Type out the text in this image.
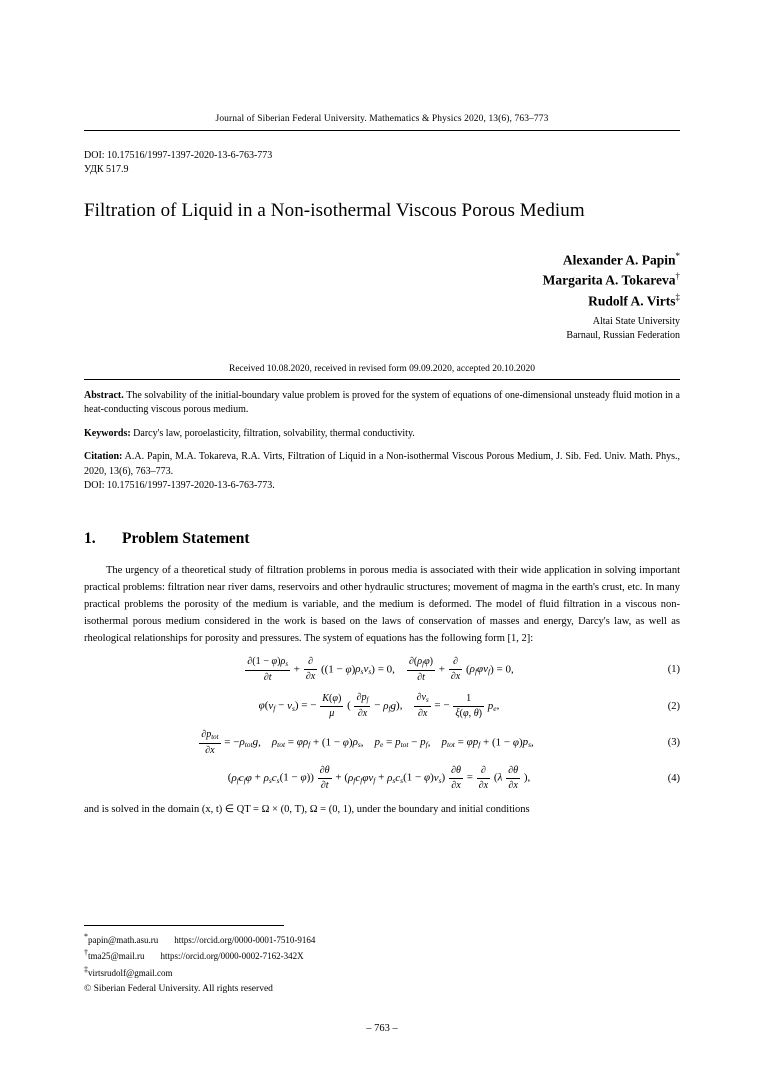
Journal of Siberian Federal University. Mathematics & Physics 2020, 13(6), 763–773
DOI: 10.17516/1997-1397-2020-13-6-763-773
УДК 517.9
Filtration of Liquid in a Non-isothermal Viscous Porous Medium
Alexander A. Papin*
Margarita A. Tokareva†
Rudolf A. Virts‡
Altai State University
Barnaul, Russian Federation
Received 10.08.2020, received in revised form 09.09.2020, accepted 20.10.2020
Abstract. The solvability of the initial-boundary value problem is proved for the system of equations of one-dimensional unsteady fluid motion in a heat-conducting viscous porous medium.
Keywords: Darcy's law, poroelasticity, filtration, solvability, thermal conductivity.
Citation: A.A. Papin, M.A. Tokareva, R.A. Virts, Filtration of Liquid in a Non-isothermal Viscous Porous Medium, J. Sib. Fed. Univ. Math. Phys., 2020, 13(6), 763–773.
DOI: 10.17516/1997-1397-2020-13-6-763-773.
1. Problem Statement

The urgency of a theoretical study of filtration problems in porous media is associated with their wide application in solving important practical problems: filtration near river dams, reservoirs and other hydraulic structures; movement of magma in the earth's crust, etc. In many practical problems the porosity of the medium is variable, and the medium is deformed. The model of fluid filtration in a viscous non-isothermal porous medium considered in the work is based on the laws of conservation of masses and energy, Darcy's law, as well as rheological relationships for porosity and pressures. The system of equations has the following form [1, 2]:

$\frac{\partial(1 - \varphi)\rho_s}{\partial t} + \frac{\partial}{\partial x} ((1 - \varphi)\rho_sv_s) = 0$, $\frac{\partial(\rho_f\varphi)}{\partial t} + \frac{\partial}{\partial x} (\rho_f\varphi v_f) = 0$,	(1)
$\varphi(v_f - v_s)$ = − $\frac{K(\varphi)}{\mu}$ ( $\frac{\partial p_f}{\partial x} - \rho_fg$), $\frac{\partial v_s}{\partial x}$ = − $\frac{1}{\xi(\varphi, \theta)} p_e$,	(2)
$\frac{\partial p_{tot}}{\partial x} = -\rho_{tot}g$,    $\rho_{tot} = \varphi\rho_f + (1 - \varphi)\rho_s$,    $p_e = p_{tot} - p_f$,    $p_{tot} = \varphi p_f + (1 - \varphi)p_s$,	(3)
$(\rho_fc_f\varphi + \rho_sc_s(1 - \varphi)) \frac{\partial\theta}{\partial t} + (\rho_fc_f\varphi v_f + \rho_sc_s(1 - \varphi)v_s) \frac{\partial\theta}{\partial x} = \frac{\partial}{\partial x} (\lambda \frac{\partial\theta}{\partial x}$ ),	(4)

and is solved in the domain (x, t) ∈ QT = Ω × (0, T), Ω = (0, 1), under the boundary and initial conditions

*papin@math.asu.ru https://orcid.org/0000-0001-7510-9164
†tma25@mail.ru https://orcid.org/0000-0002-7162-342X
‡virtsrudolf@gmail.com
© Siberian Federal University. All rights reserved
– 763 –
